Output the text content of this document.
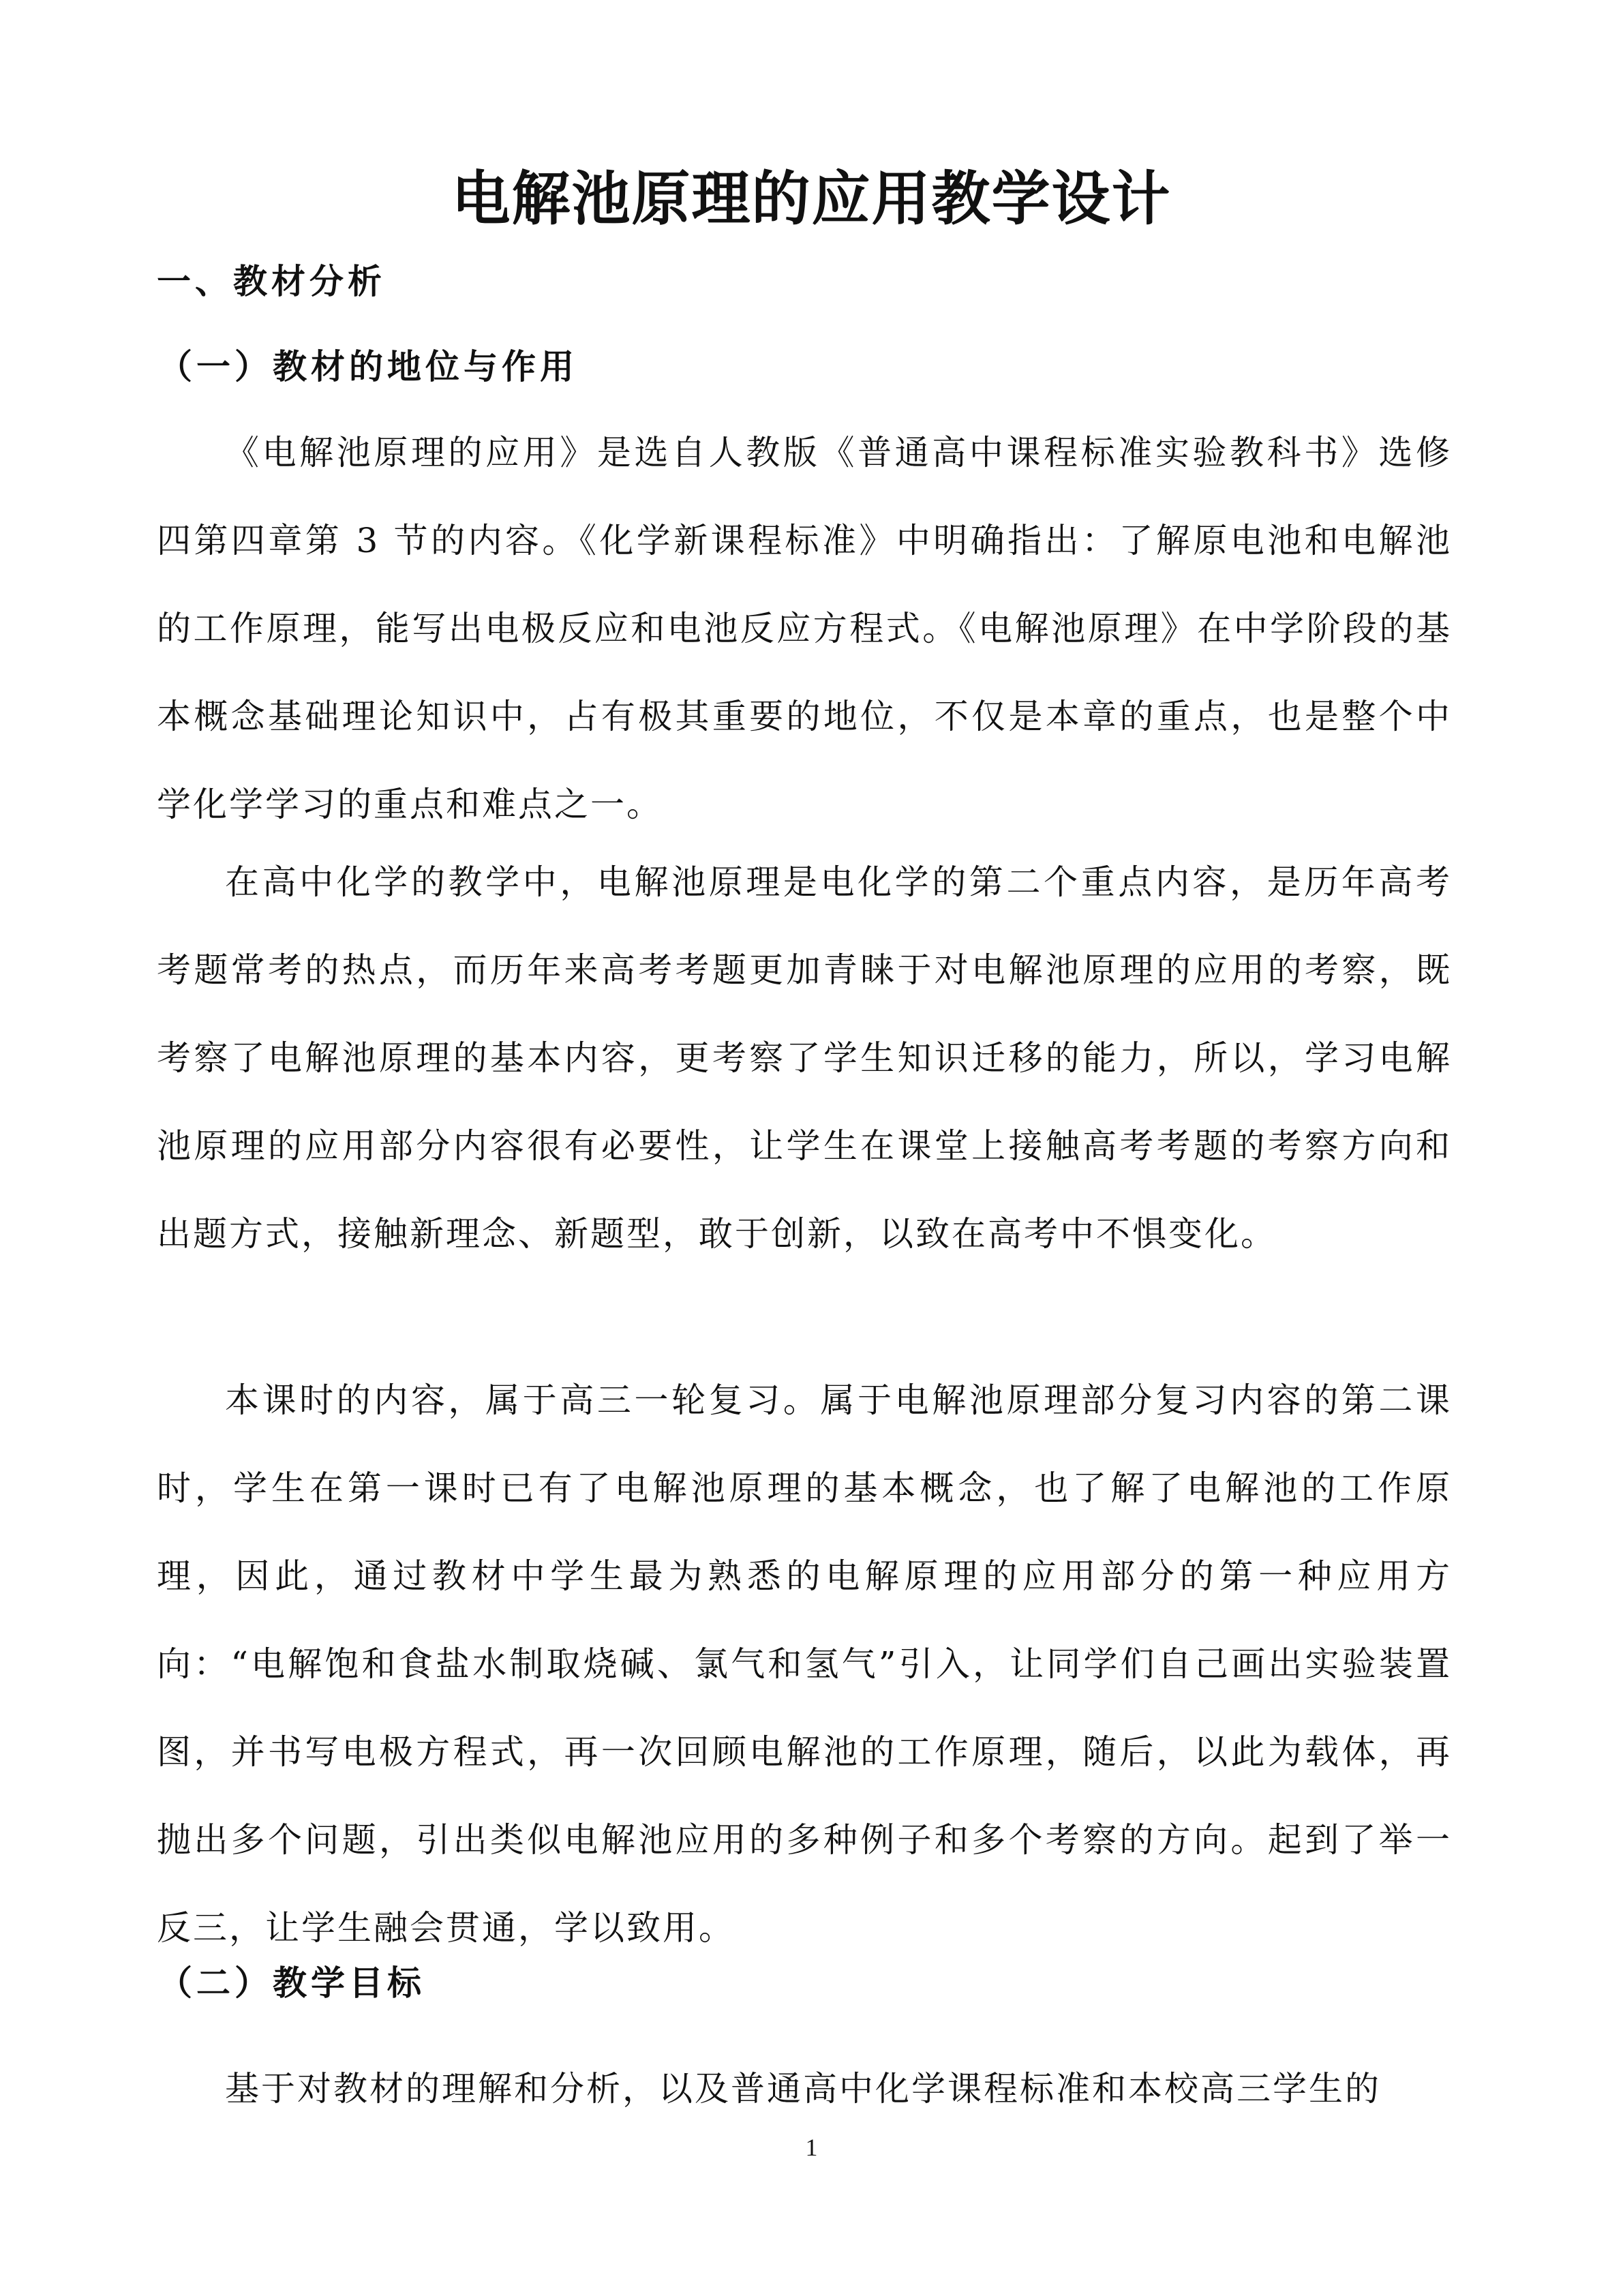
电解池原理的应用教学设计
一、教材分析
（一）教材的地位与作用

《电解池原理的应用》是选自人教版《普通高中课程标准实验教科书》选修四第四章第 3 节的内容。《化学新课程标准》中明确指出：了解原电池和电解池的工作原理，能写出电极反应和电池反应方程式。《电解池原理》在中学阶段的基本概念基础理论知识中，占有极其重要的地位，不仅是本章的重点，也是整个中学化学学习的重点和难点之一。

在高中化学的教学中，电解池原理是电化学的第二个重点内容，是历年高考考题常考的热点，而历年来高考考题更加青睐于对电解池原理的应用的考察，既考察了电解池原理的基本内容，更考察了学生知识迁移的能力，所以，学习电解池原理的应用部分内容很有必要性，让学生在课堂上接触高考考题的考察方向和出题方式，接触新理念、新题型，敢于创新，以致在高考中不惧变化。

本课时的内容，属于高三一轮复习。属于电解池原理部分复习内容的第二课时，学生在第一课时已有了电解池原理的基本概念，也了解了电解池的工作原理，因此，通过教材中学生最为熟悉的电解原理的应用部分的第一种应用方向：“电解饱和食盐水制取烧碱、氯气和氢气”引入，让同学们自己画出实验装置图，并书写电极方程式，再一次回顾电解池的工作原理，随后，以此为载体，再抛出多个问题，引出类似电解池应用的多种例子和多个考察的方向。起到了举一反三，让学生融会贯通，学以致用。

（二）教学目标

基于对教材的理解和分析，以及普通高中化学课程标准和本校高三学生的

1
